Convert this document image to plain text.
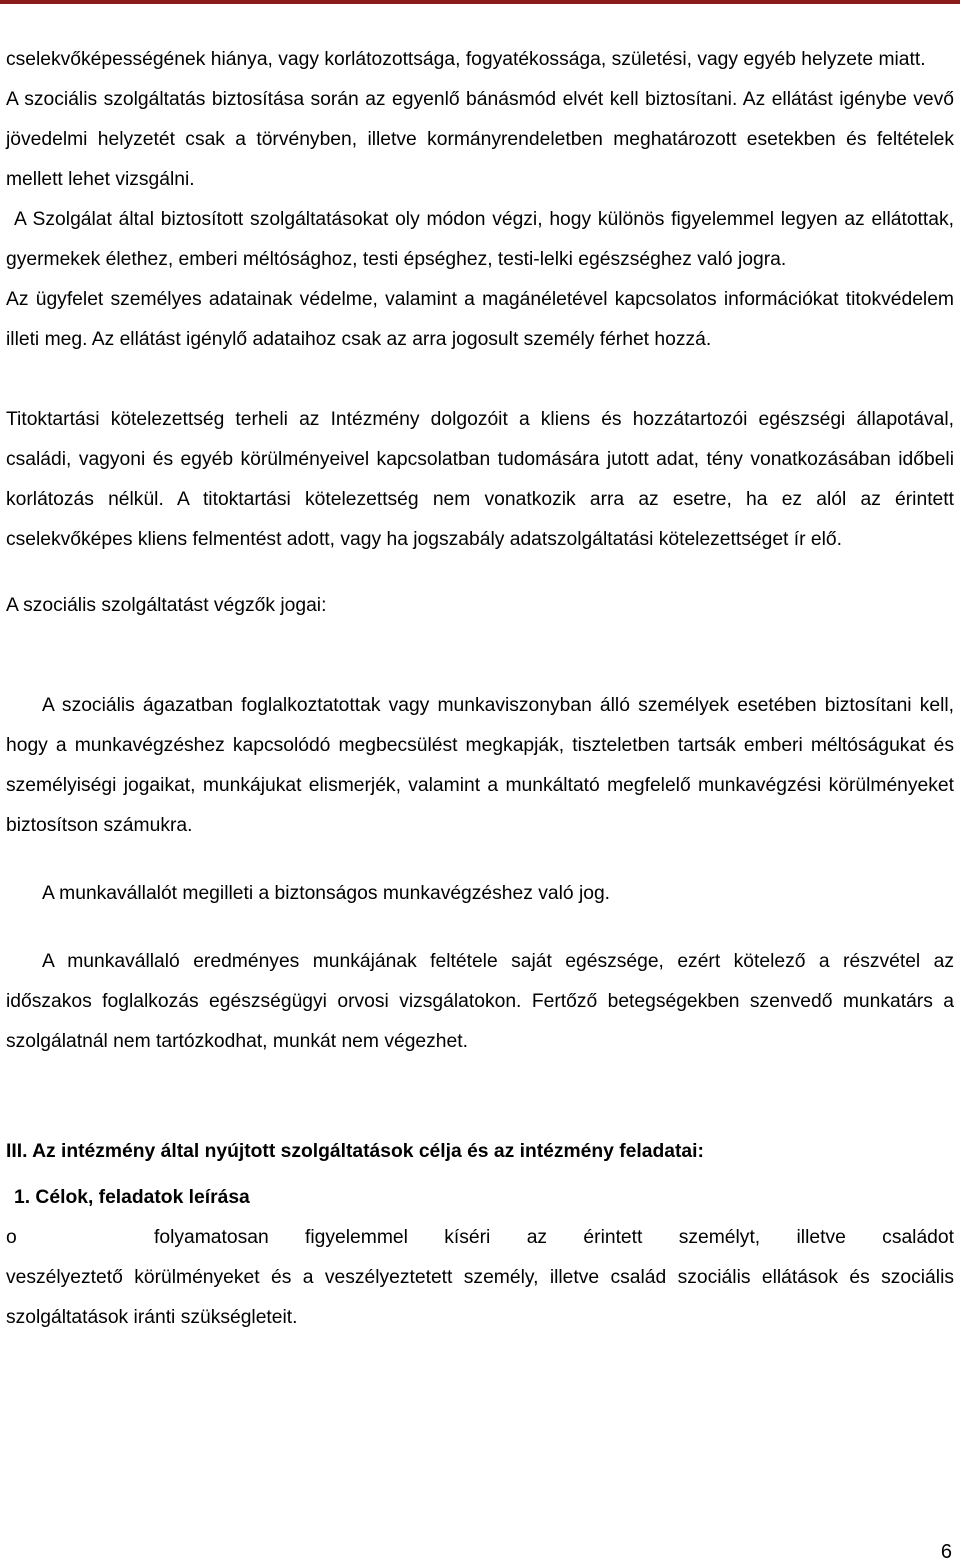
cselekvőképességének hiánya, vagy korlátozottsága, fogyatékossága, születési, vagy egyéb helyzete miatt.

A szociális szolgáltatás biztosítása során az egyenlő bánásmód elvét kell biztosítani. Az ellátást igénybe vevő jövedelmi helyzetét csak a törvényben, illetve kormányrendeletben meghatározott esetekben és feltételek mellett lehet vizsgálni.

A Szolgálat által biztosított szolgáltatásokat oly módon végzi, hogy különös figyelemmel legyen az ellátottak, gyermekek élethez, emberi méltósághoz, testi épséghez, testi-lelki egészséghez való jogra.

Az ügyfelet személyes adatainak védelme, valamint a magánéletével kapcsolatos információkat titokvédelem illeti meg. Az ellátást igénylő adataihoz csak az arra jogosult személy férhet hozzá.

Titoktartási kötelezettség terheli az Intézmény dolgozóit a kliens és hozzátartozói egészségi állapotával, családi, vagyoni és egyéb körülményeivel kapcsolatban tudomására jutott adat, tény vonatkozásában időbeli korlátozás nélkül. A titoktartási kötelezettség nem vonatkozik arra az esetre, ha ez alól az érintett cselekvőképes kliens felmentést adott, vagy ha jogszabály adatszolgáltatási kötelezettséget ír elő.

A szociális szolgáltatást végzők jogai:

A szociális ágazatban foglalkoztatottak vagy munkaviszonyban álló személyek esetében biztosítani kell, hogy a munkavégzéshez kapcsolódó megbecsülést megkapják, tiszteletben tartsák emberi méltóságukat és személyiségi jogaikat, munkájukat elismerjék, valamint a munkáltató megfelelő munkavégzési körülményeket biztosítson számukra.

A munkavállalót megilleti a biztonságos munkavégzéshez való jog.

A munkavállaló eredményes munkájának feltétele saját egészsége, ezért kötelező a részvétel az időszakos foglalkozás egészségügyi orvosi vizsgálatokon. Fertőző betegségekben szenvedő munkatárs a szolgálatnál nem tartózkodhat, munkát nem végezhet.

III. Az intézmény által nyújtott szolgáltatások célja és az intézmény feladatai:

1. Célok, feladatok leírása

o	folyamatosan figyelemmel kíséri az érintett személyt, illetve családot

veszélyeztető körülményeket és a veszélyeztetett személy, illetve család szociális ellátások és szociális szolgáltatások iránti szükségleteit.

6
